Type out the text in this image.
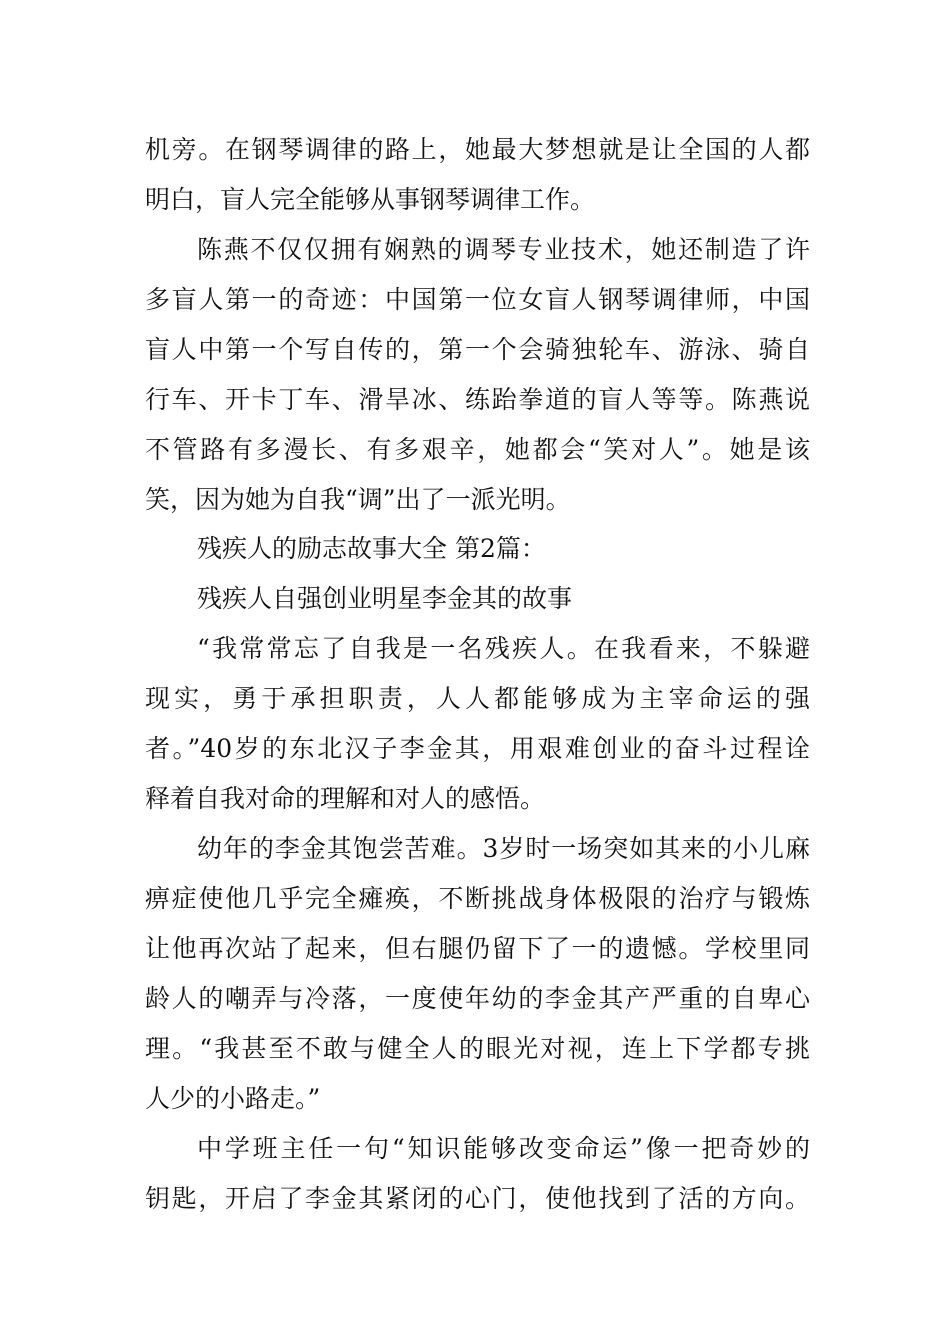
机旁。在钢琴调律的路上，她最大梦想就是让全国的人都
明白，盲人完全能够从事钢琴调律工作。
陈燕不仅仅拥有娴熟的调琴专业技术，她还制造了许
多盲人第一的奇迹：中国第一位女盲人钢琴调律师，中国
盲人中第一个写自传的，第一个会骑独轮车、游泳、骑自
行车、开卡丁车、滑旱冰、练跆拳道的盲人等等。陈燕说
不管路有多漫长、有多艰辛，她都会“笑对人”。她是该
笑，因为她为自我“调”出了一派光明。
残疾人的励志故事大全 第2篇：
残疾人自强创业明星李金其的故事
“我常常忘了自我是一名残疾人。在我看来，不躲避
现实，勇于承担职责，人人都能够成为主宰命运的强
者。”40岁的东北汉子李金其，用艰难创业的奋斗过程诠
释着自我对命的理解和对人的感悟。
幼年的李金其饱尝苦难。3岁时一场突如其来的小儿麻
痹症使他几乎完全瘫痪，不断挑战身体极限的治疗与锻炼
让他再次站了起来，但右腿仍留下了一的遗憾。学校里同
龄人的嘲弄与冷落，一度使年幼的李金其产严重的自卑心
理。“我甚至不敢与健全人的眼光对视，连上下学都专挑
人少的小路走。”
中学班主任一句“知识能够改变命运”像一把奇妙的
钥匙，开启了李金其紧闭的心门，使他找到了活的方向。
